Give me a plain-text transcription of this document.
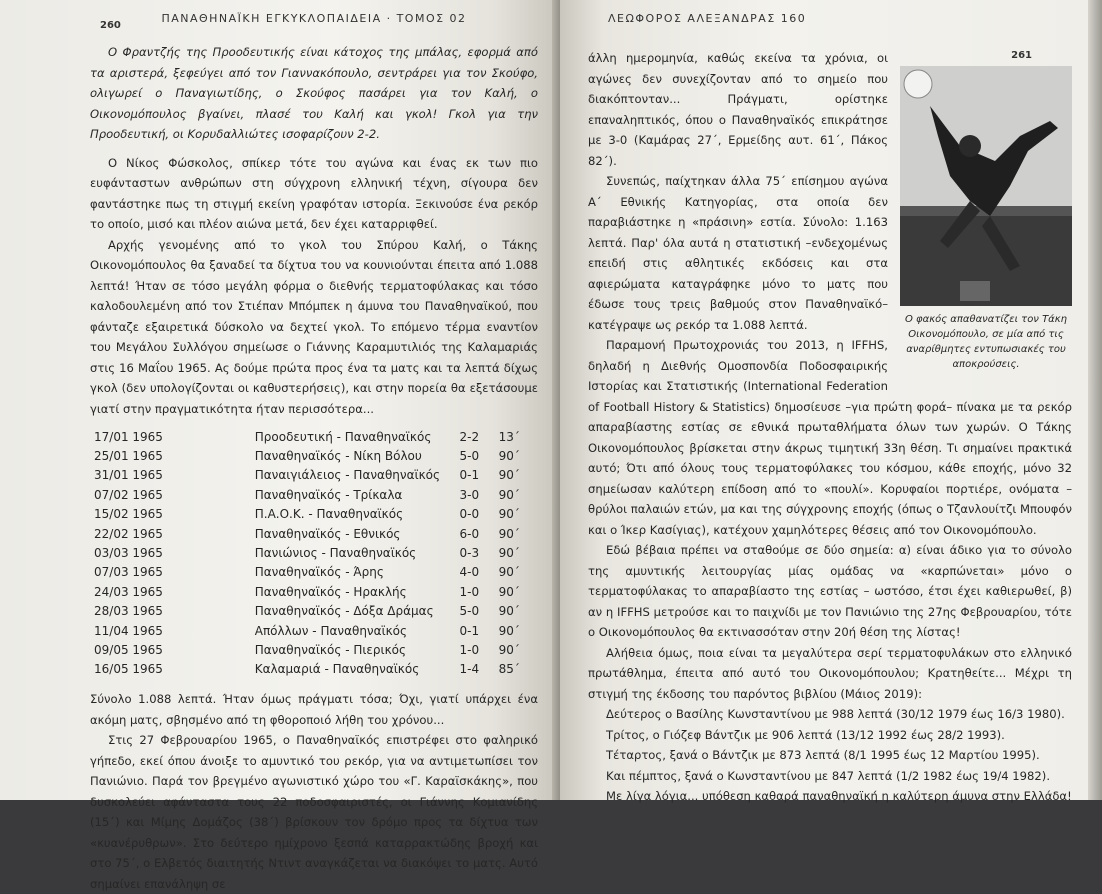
ΠΑΝΑΘΗΝΑΪΚΗ ΕΓΚΥΚΛΟΠΑΙΔΕΙΑ · ΤΟΜΟΣ 02
260

Ο Φραντζής της Προοδευτικής είναι κάτοχος της μπάλας, εφορμά από τα αριστερά, ξεφεύγει από τον Γιαννακόπουλο, σεντράρει για τον Σκούφο, ολιγωρεί ο Παναγιωτίδης, ο Σκούφος πασάρει για τον Καλή, ο Οικονομόπουλος βγαίνει, πλασέ του Καλή και γκολ! Γκολ για την Προοδευτική, οι Κορυδαλλιώτες ισοφαρίζουν 2-2.

Ο Νίκος Φώσκολος, σπίκερ τότε του αγώνα και ένας εκ των πιο ευφάνταστων ανθρώπων στη σύγχρονη ελληνική τέχνη, σίγουρα δεν φαντάστηκε πως τη στιγμή εκείνη γραφόταν ιστορία. Ξεκινούσε ένα ρεκόρ το οποίο, μισό και πλέον αιώνα μετά, δεν έχει καταρριφθεί.

Αρχής γενομένης από το γκολ του Σπύρου Καλή, ο Τάκης Οικονομόπουλος θα ξαναδεί τα δίχτυα του να κουνιούνται έπειτα από 1.088 λεπτά! Ήταν σε τόσο μεγάλη φόρμα ο διεθνής τερματοφύλακας και τόσο καλοδουλεμένη από τον Στιέπαν Μπόμπεκ η άμυνα του Παναθηναϊκού, που φάνταζε εξαιρετικά δύσκολο να δεχτεί γκολ. Το επόμενο τέρμα εναντίον του Μεγάλου Συλλόγου σημείωσε ο Γιάννης Καραμυτιλιός της Καλαμαριάς στις 16 Μαΐου 1965. Ας δούμε πρώτα προς ένα τα ματς και τα λεπτά δίχως γκολ (δεν υπολογίζονται οι καθυστερήσεις), και στην πορεία θα εξετάσουμε γιατί στην πραγματικότητα ήταν περισσότερα...

17/01 1965	Προοδευτική - Παναθηναϊκός	2-2	13΄
25/01 1965	Παναθηναϊκός - Νίκη Βόλου	5-0	90΄
31/01 1965	Παναιγιάλειος - Παναθηναϊκός	0-1	90΄
07/02 1965	Παναθηναϊκός - Τρίκαλα	3-0	90΄
15/02 1965	Π.Α.Ο.Κ. - Παναθηναϊκός	0-0	90΄
22/02 1965	Παναθηναϊκός - Εθνικός	6-0	90΄
03/03 1965	Πανιώνιος - Παναθηναϊκός	0-3	90΄
07/03 1965	Παναθηναϊκός - Άρης	4-0	90΄
24/03 1965	Παναθηναϊκός - Ηρακλής	1-0	90΄
28/03 1965	Παναθηναϊκός - Δόξα Δράμας	5-0	90΄
11/04 1965	Απόλλων - Παναθηναϊκός	0-1	90΄
09/05 1965	Παναθηναϊκός - Πιερικός	1-0	90΄
16/05 1965	Καλαμαριά - Παναθηναϊκός	1-4	85΄

Σύνολο 1.088 λεπτά. Ήταν όμως πράγματι τόσα; Όχι, γιατί υπάρχει ένα ακόμη ματς, σβησμένο από τη φθοροποιό λήθη του χρόνου...

Στις 27 Φεβρουαρίου 1965, ο Παναθηναϊκός επιστρέφει στο φαληρικό γήπεδο, εκεί όπου άνοιξε το αμυντικό του ρεκόρ, για να αντιμετωπίσει τον Πανιώνιο. Παρά τον βρεγμένο αγωνιστικό χώρο του «Γ. Καραϊσκάκης», που δυσκολεύει αφάνταστα τους 22 ποδοσφαιριστές, οι Γιάννης Κομιανίδης (15΄) και Μίμης Δομάζος (38΄) βρίσκουν τον δρόμο προς τα δίχτυα των «κυανέρυθρων». Στο δεύτερο ημίχρονο ξεσπά καταρρακτώδης βροχή και στο 75΄, ο Ελβετός διαιτητής Ντιντ αναγκάζεται να διακόψει το ματς. Αυτό σημαίνει επανάληψη σε

ΛΕΩΦΟΡΟΣ ΑΛΕΞΑΝΔΡΑΣ 160
261
Ο φακός απαθανατίζει τον Τάκη Οικονομόπουλο, σε μία από τις αναρίθμητες εντυπωσιακές του αποκρούσεις.

άλλη ημερομηνία, καθώς εκείνα τα χρόνια, οι αγώνες δεν συνεχίζονταν από το σημείο που διακόπτονταν... Πράγματι, ορίστηκε επαναληπτικός, όπου ο Παναθηναϊκός επικράτησε με 3-0 (Καμάρας 27΄, Ερμείδης αυτ. 61΄, Πάκος 82΄).

Συνεπώς, παίχτηκαν άλλα 75΄ επίσημου αγώνα Α΄ Εθνικής Κατηγορίας, στα οποία δεν παραβιάστηκε η «πράσινη» εστία. Σύνολο: 1.163 λεπτά. Παρ' όλα αυτά η στατιστική –ενδεχομένως επειδή στις αθλητικές εκδόσεις και στα αφιερώματα καταγράφηκε μόνο το ματς που έδωσε τους τρεις βαθμούς στον Παναθηναϊκό– κατέγραψε ως ρεκόρ τα 1.088 λεπτά.

Παραμονή Πρωτοχρονιάς του 2013, η IFFHS, δηλαδή η Διεθνής Ομοσπονδία Ποδοσφαιρικής Ιστορίας και Στατιστικής (International Federation of Football History & Statistics) δημοσίευσε –για πρώτη φορά– πίνακα με τα ρεκόρ απαραβίαστης εστίας σε εθνικά πρωταθλήματα όλων των χωρών. Ο Τάκης Οικονομόπουλος βρίσκεται στην άκρως τιμητική 33η θέση. Τι σημαίνει πρακτικά αυτό; Ότι από όλους τους τερματοφύλακες του κόσμου, κάθε εποχής, μόνο 32 σημείωσαν καλύτερη επίδοση από το «πουλί». Κορυφαίοι πορτιέρε, ονόματα – θρύλοι παλαιών ετών, μα και της σύγχρονης εποχής (όπως ο Τζανλουίτζι Μπουφόν και ο Ίκερ Κασίγιας), κατέχουν χαμηλότερες θέσεις από τον Οικονομόπουλο.

Εδώ βέβαια πρέπει να σταθούμε σε δύο σημεία: α) είναι άδικο για το σύνολο της αμυντικής λειτουργίας μίας ομάδας να «καρπώνεται» μόνο ο τερματοφύλακας το απαραβίαστο της εστίας – ωστόσο, έτσι έχει καθιερωθεί, β) αν η IFFHS μετρούσε και το παιχνίδι με τον Πανιώνιο της 27ης Φεβρουαρίου, τότε ο Οικονομόπουλος θα εκτινασσόταν στην 20ή θέση της λίστας!

Αλήθεια όμως, ποια είναι τα μεγαλύτερα σερί τερματοφυλάκων στο ελληνικό πρωτάθλημα, έπειτα από αυτό του Οικονομόπουλου; Κρατηθείτε... Μέχρι τη στιγμή της έκδοσης του παρόντος βιβλίου (Μάιος 2019):

Δεύτερος ο Βασίλης Κωνσταντίνου με 988 λεπτά (30/12 1979 έως 16/3 1980).

Τρίτος, ο Γιόζεφ Βάντζικ με 906 λεπτά (13/12 1992 έως 28/2 1993).

Τέταρτος, ξανά ο Βάντζικ με 873 λεπτά (8/1 1995 έως 12 Μαρτίου 1995).

Και πέμπτος, ξανά ο Κωνσταντίνου με 847 λεπτά (1/2 1982 έως 19/4 1982).

Με λίγα λόγια... υπόθεση καθαρά παναθηναϊκή η καλύτερη άμυνα στην Ελλάδα!
